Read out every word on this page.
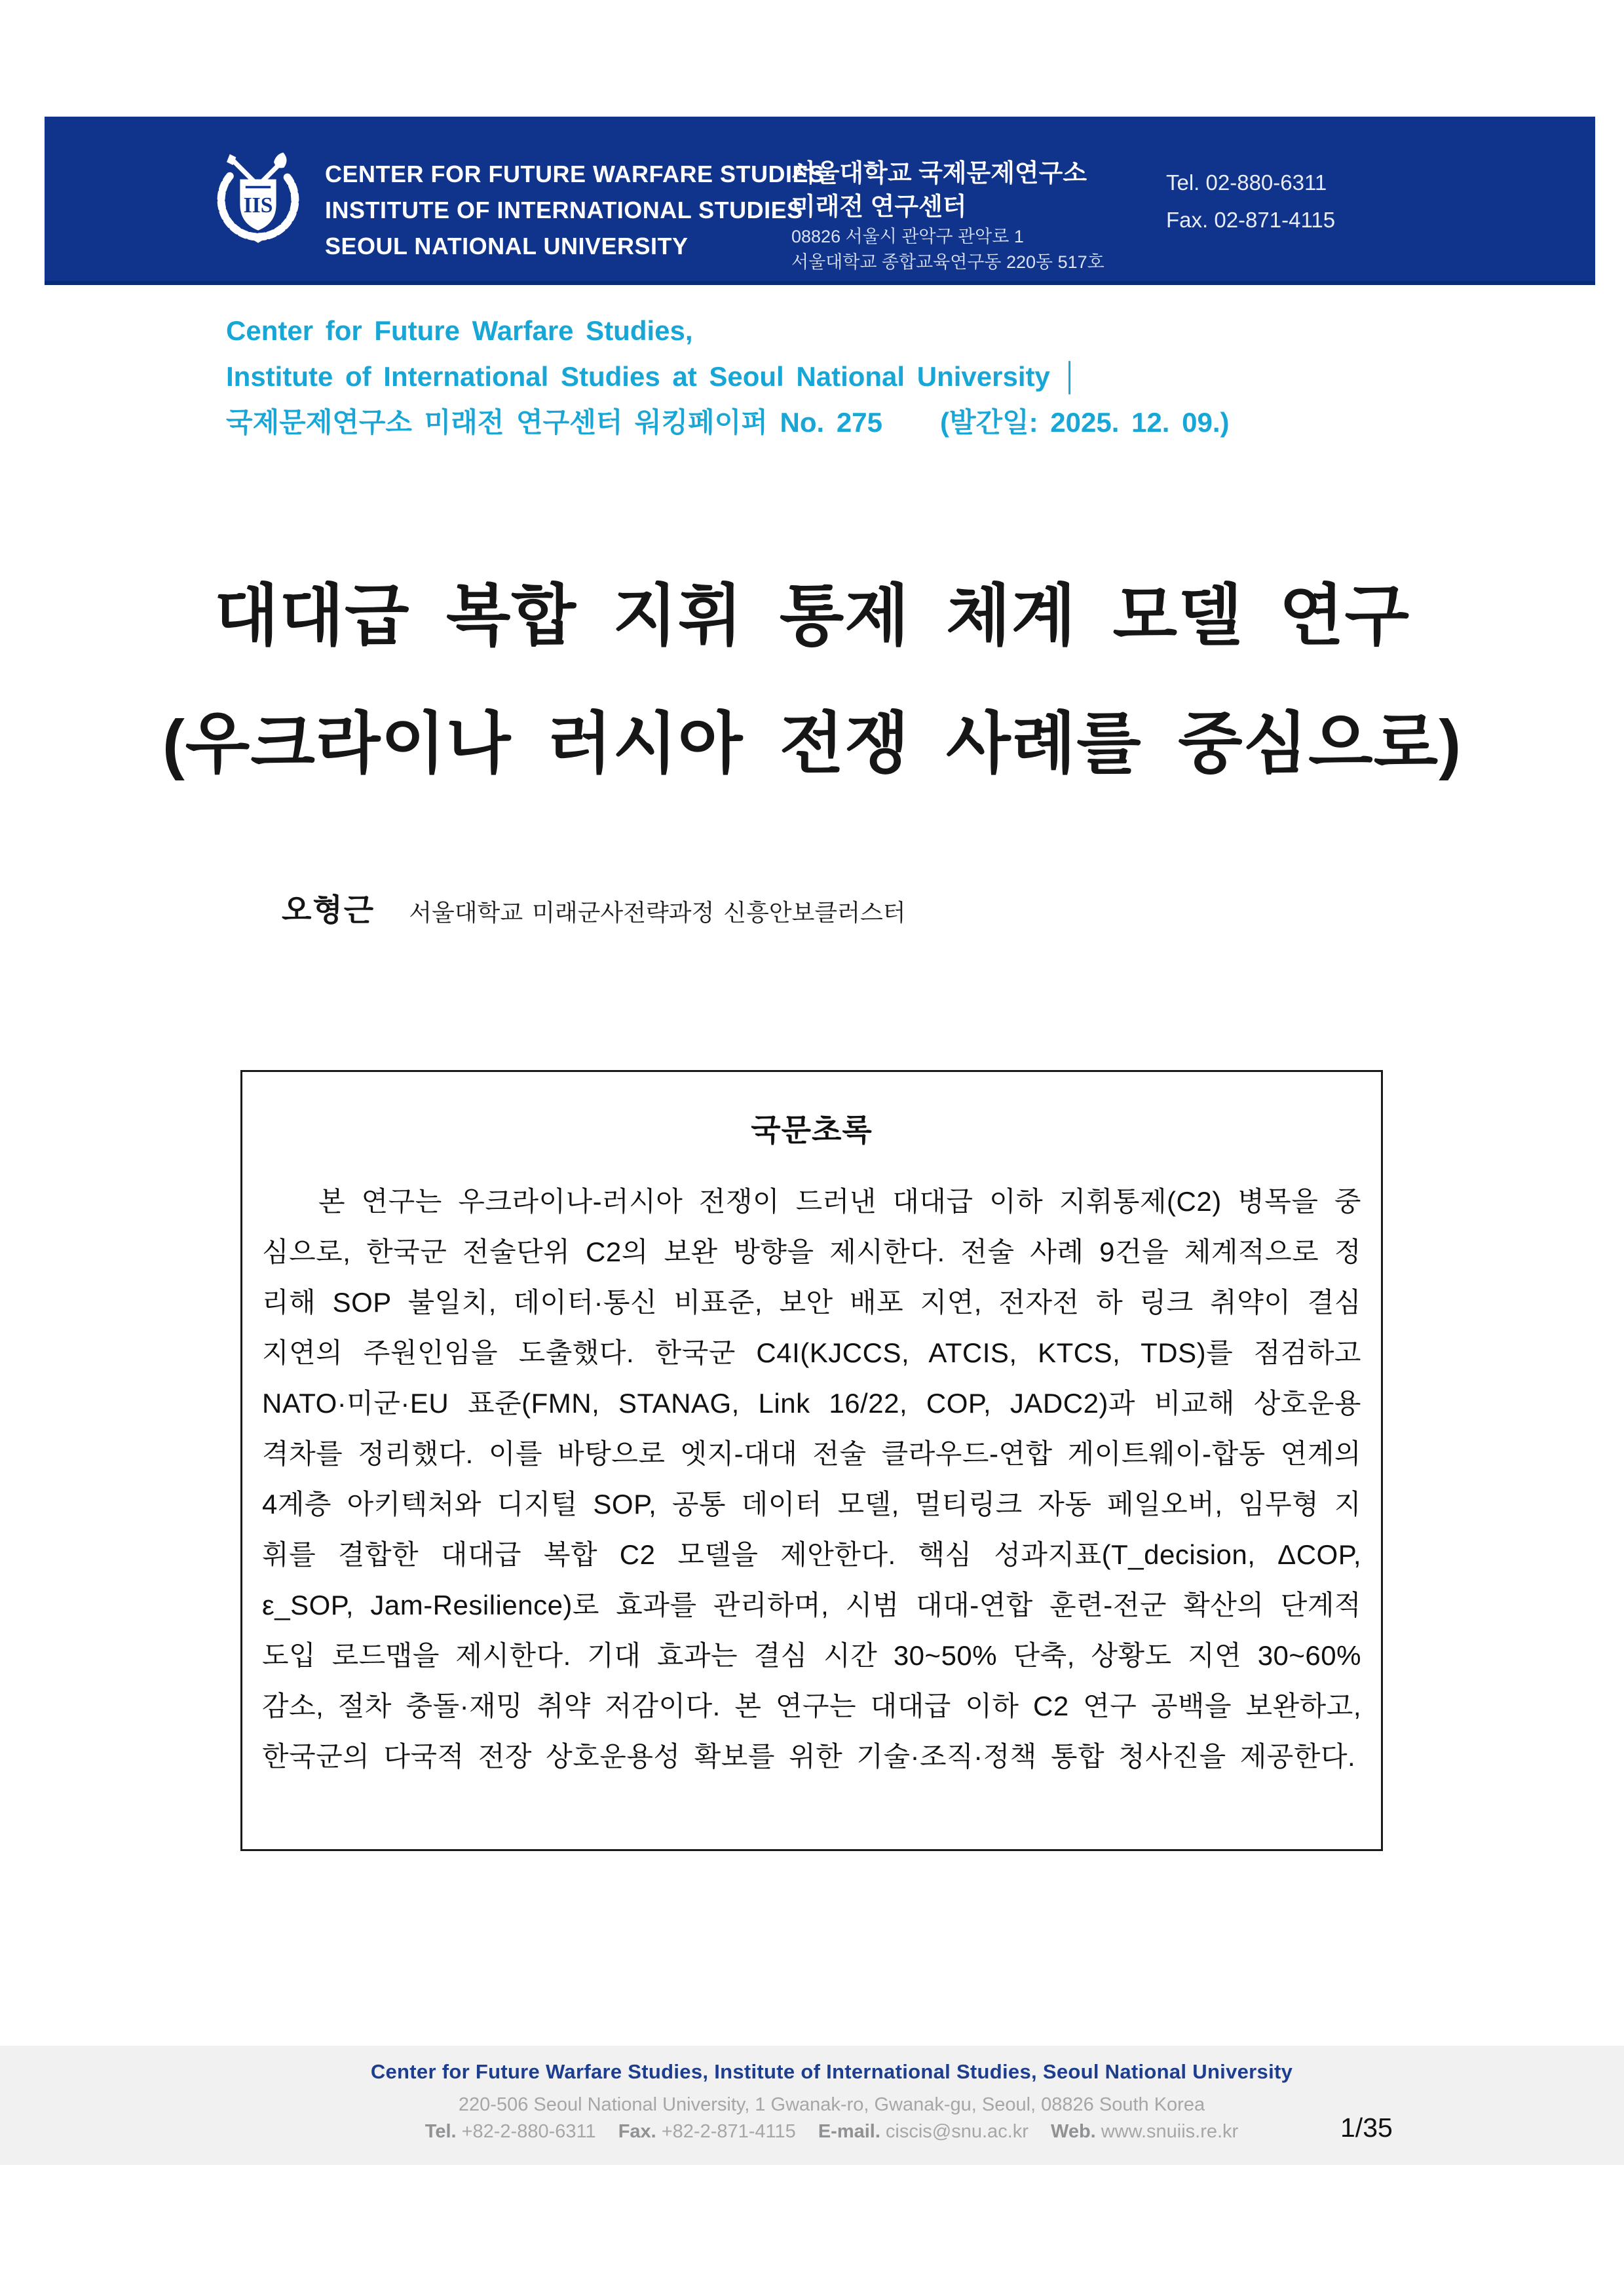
IIS
CENTER FOR FUTURE WARFARE STUDIES
INSTITUTE OF INTERNATIONAL STUDIES
SEOUL NATIONAL UNIVERSITY
서울대학교 국제문제연구소
미래전 연구센터
08826 서울시 관악구 관악로 1
서울대학교 종합교육연구동 220동 517호
Tel. 02-880-6311
Fax. 02-871-4115
Center for Future Warfare Studies,
Institute of International Studies at Seoul National University │
국제문제연구소 미래전 연구센터 워킹페이퍼 No. 275 (발간일: 2025. 12. 09.)
대대급 복합 지휘 통제 체계 모델 연구
(우크라이나 러시아 전쟁 사례를 중심으로)
오형근 서울대학교 미래군사전략과정 신흥안보클러스터
국문초록

본 연구는 우크라이나-러시아 전쟁이 드러낸 대대급 이하 지휘통제(C2) 병목을 중심으로, 한국군 전술단위 C2의 보완 방향을 제시한다. 전술 사례 9건을 체계적으로 정리해 SOP 불일치, 데이터·통신 비표준, 보안 배포 지연, 전자전 하 링크 취약이 결심 지연의 주원인임을 도출했다. 한국군 C4I(KJCCS, ATCIS, KTCS, TDS)를 점검하고 NATO·미군·EU 표준(FMN, STANAG, Link 16/22, COP, JADC2)과 비교해 상호운용 격차를 정리했다. 이를 바탕으로 엣지-대대 전술 클라우드-연합 게이트웨이-합동 연계의 4계층 아키텍처와 디지털 SOP, 공통 데이터 모델, 멀티링크 자동 페일오버, 임무형 지휘를 결합한 대대급 복합 C2 모델을 제안한다. 핵심 성과지표(T_decision, ΔCOP, ε_SOP, Jam-Resilience)로 효과를 관리하며, 시범 대대-연합 훈련-전군 확산의 단계적 도입 로드맵을 제시한다. 기대 효과는 결심 시간 30~50% 단축, 상황도 지연 30~60% 감소, 절차 충돌·재밍 취약 저감이다. 본 연구는 대대급 이하 C2 연구 공백을 보완하고, 한국군의 다국적 전장 상호운용성 확보를 위한 기술·조직·정책 통합 청사진을 제공한다.

Center for Future Warfare Studies, Institute of International Studies, Seoul National University
220-506 Seoul National University, 1 Gwanak-ro, Gwanak-gu, Seoul, 08826 South Korea
Tel. +82-2-880-6311 Fax. +82-2-871-4115 E-mail. ciscis@snu.ac.kr Web. www.snuiis.re.kr	1/35
